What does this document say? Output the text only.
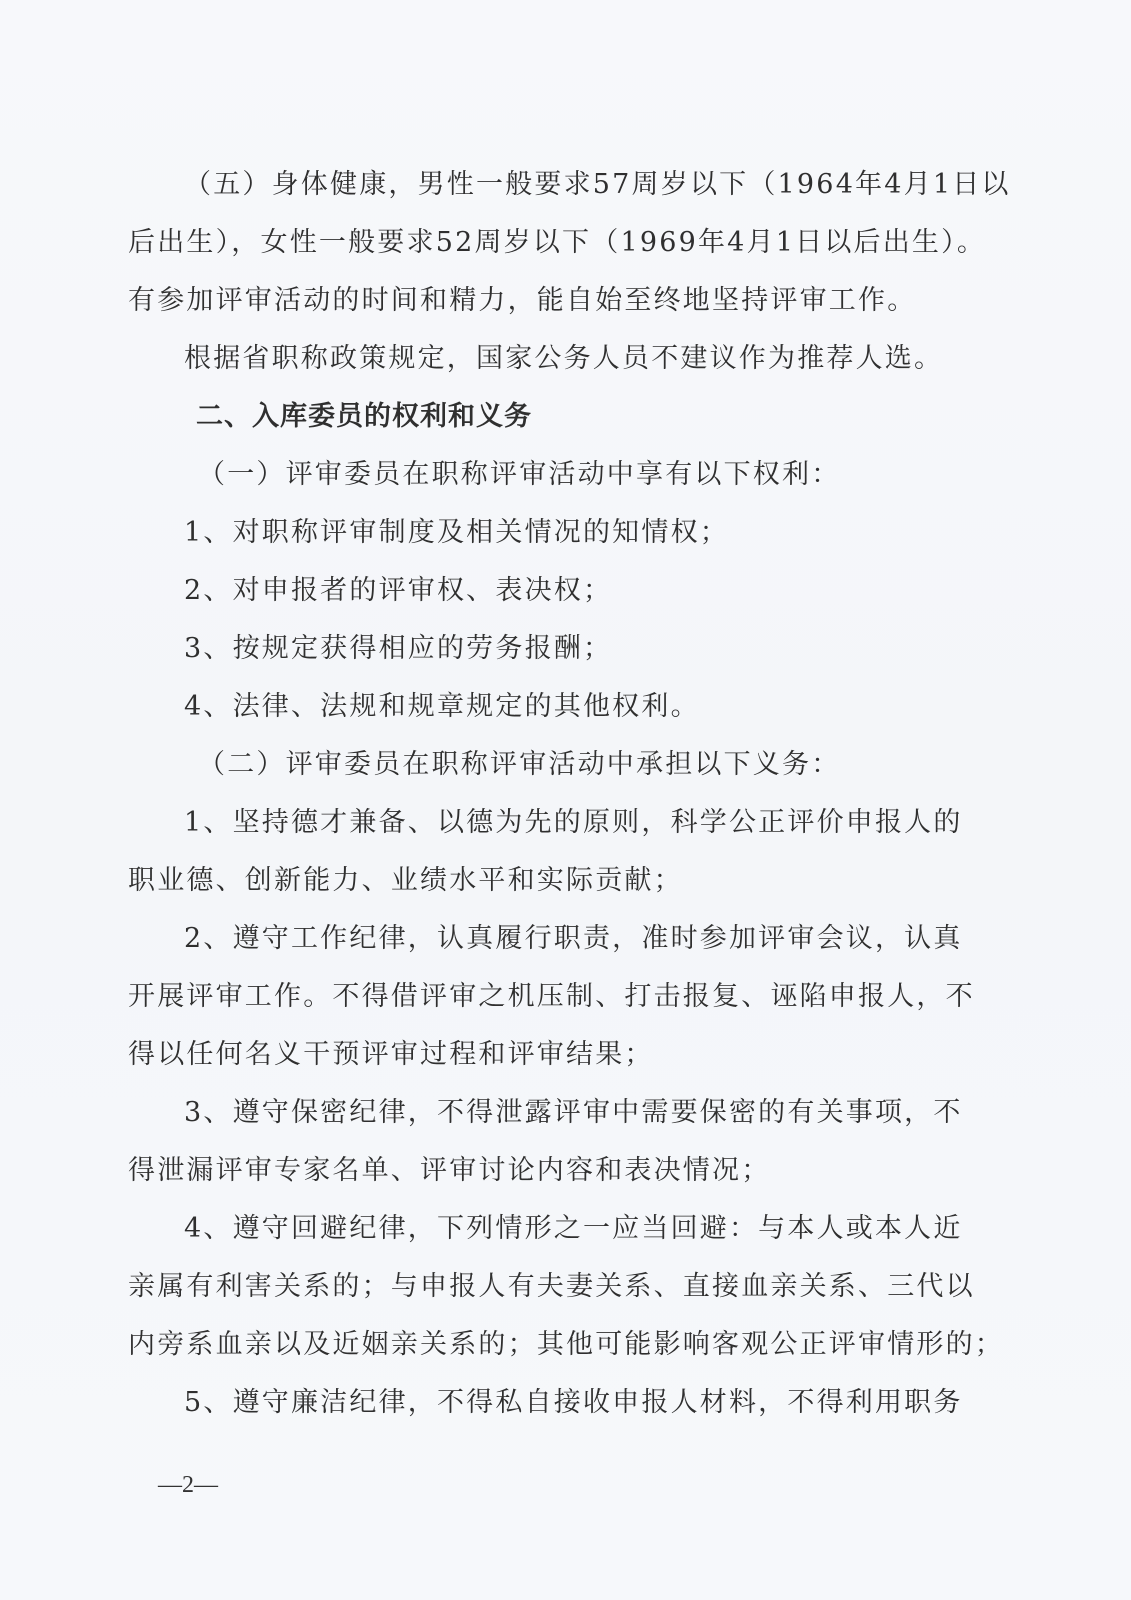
（五）身体健康，男性一般要求57周岁以下（1964年4月1日以
后出生），女性一般要求52周岁以下（1969年4月1日以后出生）。
有参加评审活动的时间和精力，能自始至终地坚持评审工作。
根据省职称政策规定，国家公务人员不建议作为推荐人选。
二、入库委员的权利和义务
（一）评审委员在职称评审活动中享有以下权利：
1、对职称评审制度及相关情况的知情权；
2、对申报者的评审权、表决权；
3、按规定获得相应的劳务报酬；
4、法律、法规和规章规定的其他权利。
（二）评审委员在职称评审活动中承担以下义务：
1、坚持德才兼备、以德为先的原则，科学公正评价申报人的
职业德、创新能力、业绩水平和实际贡献；
2、遵守工作纪律，认真履行职责，准时参加评审会议，认真
开展评审工作。不得借评审之机压制、打击报复、诬陷申报人，不
得以任何名义干预评审过程和评审结果；
3、遵守保密纪律，不得泄露评审中需要保密的有关事项，不
得泄漏评审专家名单、评审讨论内容和表决情况；
4、遵守回避纪律，下列情形之一应当回避：与本人或本人近
亲属有利害关系的；与申报人有夫妻关系、直接血亲关系、三代以
内旁系血亲以及近姻亲关系的；其他可能影响客观公正评审情形的；
5、遵守廉洁纪律，不得私自接收申报人材料，不得利用职务
—2—
